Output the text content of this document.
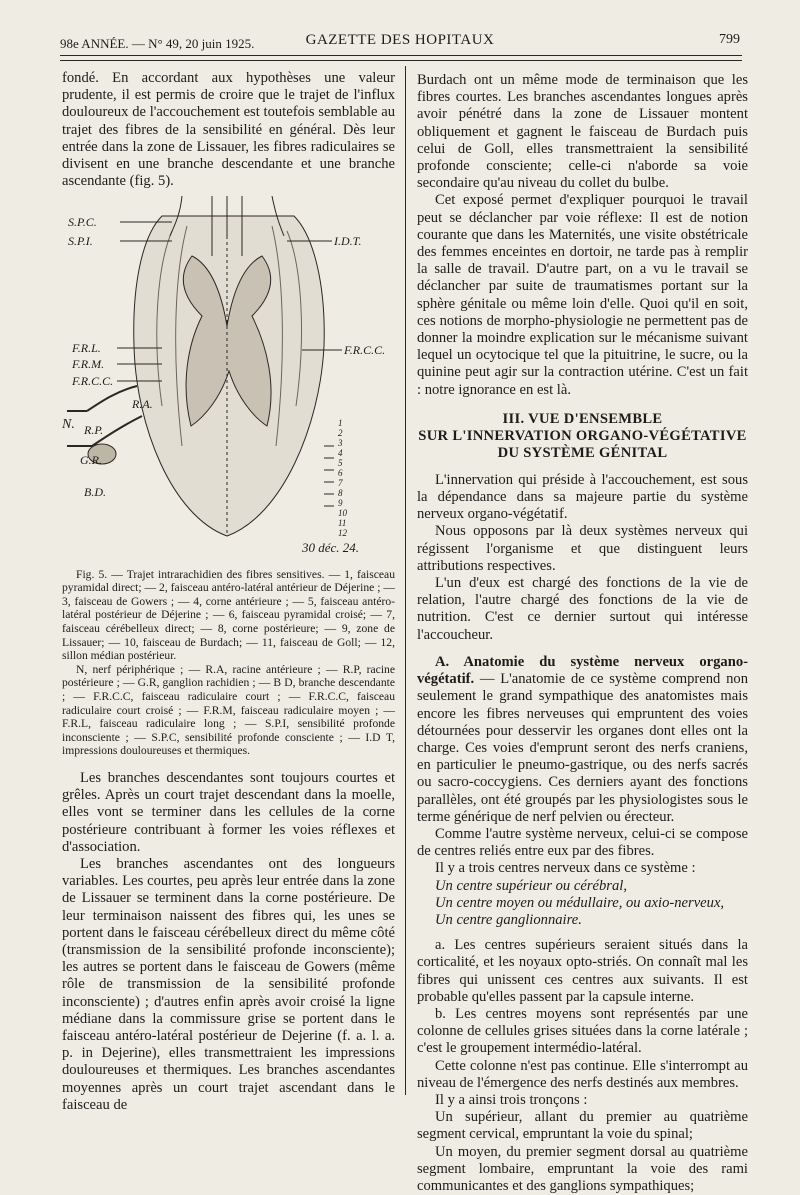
98e ANNÉE. — N° 49, 20 juin 1925.	GAZETTE DES HOPITAUX	799

fondé. En accordant aux hypothèses une valeur prudente, il est permis de croire que le trajet de l'influx douloureux de l'accouchement est toutefois semblable au trajet des fibres de la sensibilité en général. Dès leur entrée dans la zone de Lissauer, les fibres radiculaires se divisent en une branche descendante et une branche ascendante (fig. 5).

S.P.C.
S.P.I.	I.D.T.
F.R.C.C.
F.R.L.
F.R.M.
F.R.C.C.
N.
R.A.
R.P.
G.R.
B.D.
1
2
3
4
5
6
7
8
9
10
11
12
30 déc. 24.

Fig. 5. — Trajet intrarachidien des fibres sensitives. — 1, faisceau pyramidal direct; — 2, faisceau antéro-latéral antérieur de Déjerine ; — 3, faisceau de Gowers ; — 4, corne antérieure ; — 5, faisceau antéro-latéral postérieur de Déjerine ; — 6, faisceau pyramidal croisé; — 7, faisceau cérébelleux direct; — 8, corne postérieure; — 9, zone de Lissauer; — 10, faisceau de Burdach; — 11, faisceau de Goll; — 12, sillon médian postérieur.

N, nerf périphérique ; — R.A, racine antérieure ; — R.P, racine postérieure ; — G.R, ganglion rachidien ; — B D, branche descendante ; — F.R.C.C, faisceau radiculaire court ; — F.R.C.C, faisceau radiculaire court croisé ; — F.R.M, faisceau radiculaire moyen ; — F.R.L, faisceau radiculaire long ; — S.P.I, sensibilité profonde inconsciente ; — S.P.C, sensibilité profonde consciente ; — I.D T, impressions douloureuses et thermiques.

Les branches descendantes sont toujours courtes et grêles. Après un court trajet descendant dans la moelle, elles vont se terminer dans les cellules de la corne postérieure contribuant à former les voies réflexes et d'association.

Les branches ascendantes ont des longueurs variables. Les courtes, peu après leur entrée dans la zone de Lissauer se terminent dans la corne postérieure. De leur terminaison naissent des fibres qui, les unes se portent dans le faisceau cérébelleux direct du même côté (transmission de la sensibilité profonde inconsciente); les autres se portent dans le faisceau de Gowers (même rôle de transmission de la sensibilité profonde inconsciente) ; d'autres enfin après avoir croisé la ligne médiane dans la commissure grise se portent dans le faisceau antéro-latéral postérieur de Dejerine (f. a. l. a. p. in Dejerine), elles transmettraient les impressions douloureuses et thermiques. Les branches ascendantes moyennes après un court trajet ascendant dans le faisceau de

Burdach ont un même mode de terminaison que les fibres courtes. Les branches ascendantes longues après avoir pénétré dans la zone de Lissauer montent obliquement et gagnent le faisceau de Burdach puis celui de Goll, elles transmettraient la sensibilité profonde consciente; celle-ci n'aborde sa voie secondaire qu'au niveau du collet du bulbe.

Cet exposé permet d'expliquer pourquoi le travail peut se déclancher par voie réflexe: Il est de notion courante que dans les Maternités, une visite obstétricale des femmes enceintes en dortoir, ne tarde pas à remplir la salle de travail. D'autre part, on a vu le travail se déclancher par suite de traumatismes portant sur la sphère génitale ou même loin d'elle. Quoi qu'il en soit, ces notions de morpho-physiologie ne permettent pas de donner la moindre explication sur le mécanisme suivant lequel un ocytocique tel que la pituitrine, le sucre, ou la quinine peut agir sur la contraction utérine. C'est un fait : notre ignorance en est là.

III. VUE D'ENSEMBLE
SUR L'INNERVATION ORGANO-VÉGÉTATIVE
DU SYSTÈME GÉNITAL

L'innervation qui préside à l'accouchement, est sous la dépendance dans sa majeure partie du système nerveux organo-végétatif.

Nous opposons par là deux systèmes nerveux qui régissent l'organisme et que distinguent leurs attributions respectives.

L'un d'eux est chargé des fonctions de la vie de relation, l'autre chargé des fonctions de la vie de nutrition. C'est ce dernier surtout qui intéresse l'accoucheur.

A. Anatomie du système nerveux organo-végétatif. — L'anatomie de ce système comprend non seulement le grand sympathique des anatomistes mais encore les fibres nerveuses qui empruntent des voies détournées pour desservir les organes dont elles ont la charge. Ces voies d'emprunt seront des nerfs craniens, en particulier le pneumo-gastrique, ou des nerfs sacrés ou sacro-coccygiens. Ces derniers ayant des fonctions parallèles, ont été groupés par les physiologistes sous le terme générique de nerf pelvien ou érecteur.

Comme l'autre système nerveux, celui-ci se compose de centres reliés entre eux par des fibres.

Il y a trois centres nerveux dans ce système :

Un centre supérieur ou cérébral,

Un centre moyen ou médullaire, ou axio-nerveux,

Un centre ganglionnaire.

a. Les centres supérieurs seraient situés dans la corticalité, et les noyaux opto-striés. On connaît mal les fibres qui unissent ces centres aux suivants. Il est probable qu'elles passent par la capsule interne.

b. Les centres moyens sont représentés par une colonne de cellules grises situées dans la corne latérale ; c'est le groupement intermédio-latéral.

Cette colonne n'est pas continue. Elle s'interrompt au niveau de l'émergence des nerfs destinés aux membres.

Il y a ainsi trois tronçons :

Un supérieur, allant du premier au quatrième segment cervical, empruntant la voie du spinal;

Un moyen, du premier segment dorsal au quatrième segment lombaire, empruntant la voie des rami communicantes et des ganglions sympathiques;
